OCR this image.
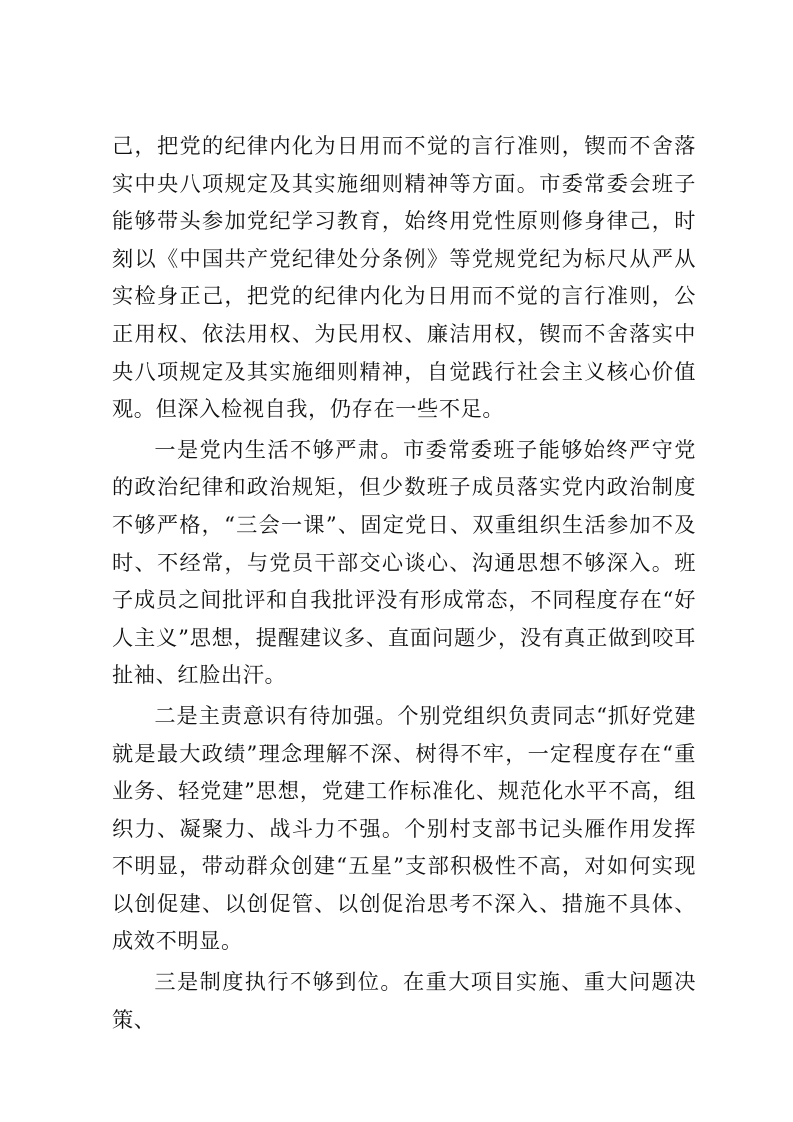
己，把党的纪律内化为日用而不觉的言行准则，锲而不舍落实中央八项规定及其实施细则精神等方面。市委常委会班子能够带头参加党纪学习教育，始终用党性原则修身律己，时刻以《中国共产党纪律处分条例》等党规党纪为标尺从严从实检身正己，把党的纪律内化为日用而不觉的言行准则，公正用权、依法用权、为民用权、廉洁用权，锲而不舍落实中央八项规定及其实施细则精神，自觉践行社会主义核心价值观。但深入检视自我，仍存在一些不足。

一是党内生活不够严肃。市委常委班子能够始终严守党的政治纪律和政治规矩，但少数班子成员落实党内政治制度不够严格，“三会一课”、固定党日、双重组织生活参加不及时、不经常，与党员干部交心谈心、沟通思想不够深入。班子成员之间批评和自我批评没有形成常态，不同程度存在“好人主义”思想，提醒建议多、直面问题少，没有真正做到咬耳扯袖、红脸出汗。

二是主责意识有待加强。个别党组织负责同志“抓好党建就是最大政绩”理念理解不深、树得不牢，一定程度存在“重业务、轻党建”思想，党建工作标准化、规范化水平不高，组织力、凝聚力、战斗力不强。个别村支部书记头雁作用发挥不明显，带动群众创建“五星”支部积极性不高，对如何实现以创促建、以创促管、以创促治思考不深入、措施不具体、成效不明显。

三是制度执行不够到位。在重大项目实施、重大问题决策、
